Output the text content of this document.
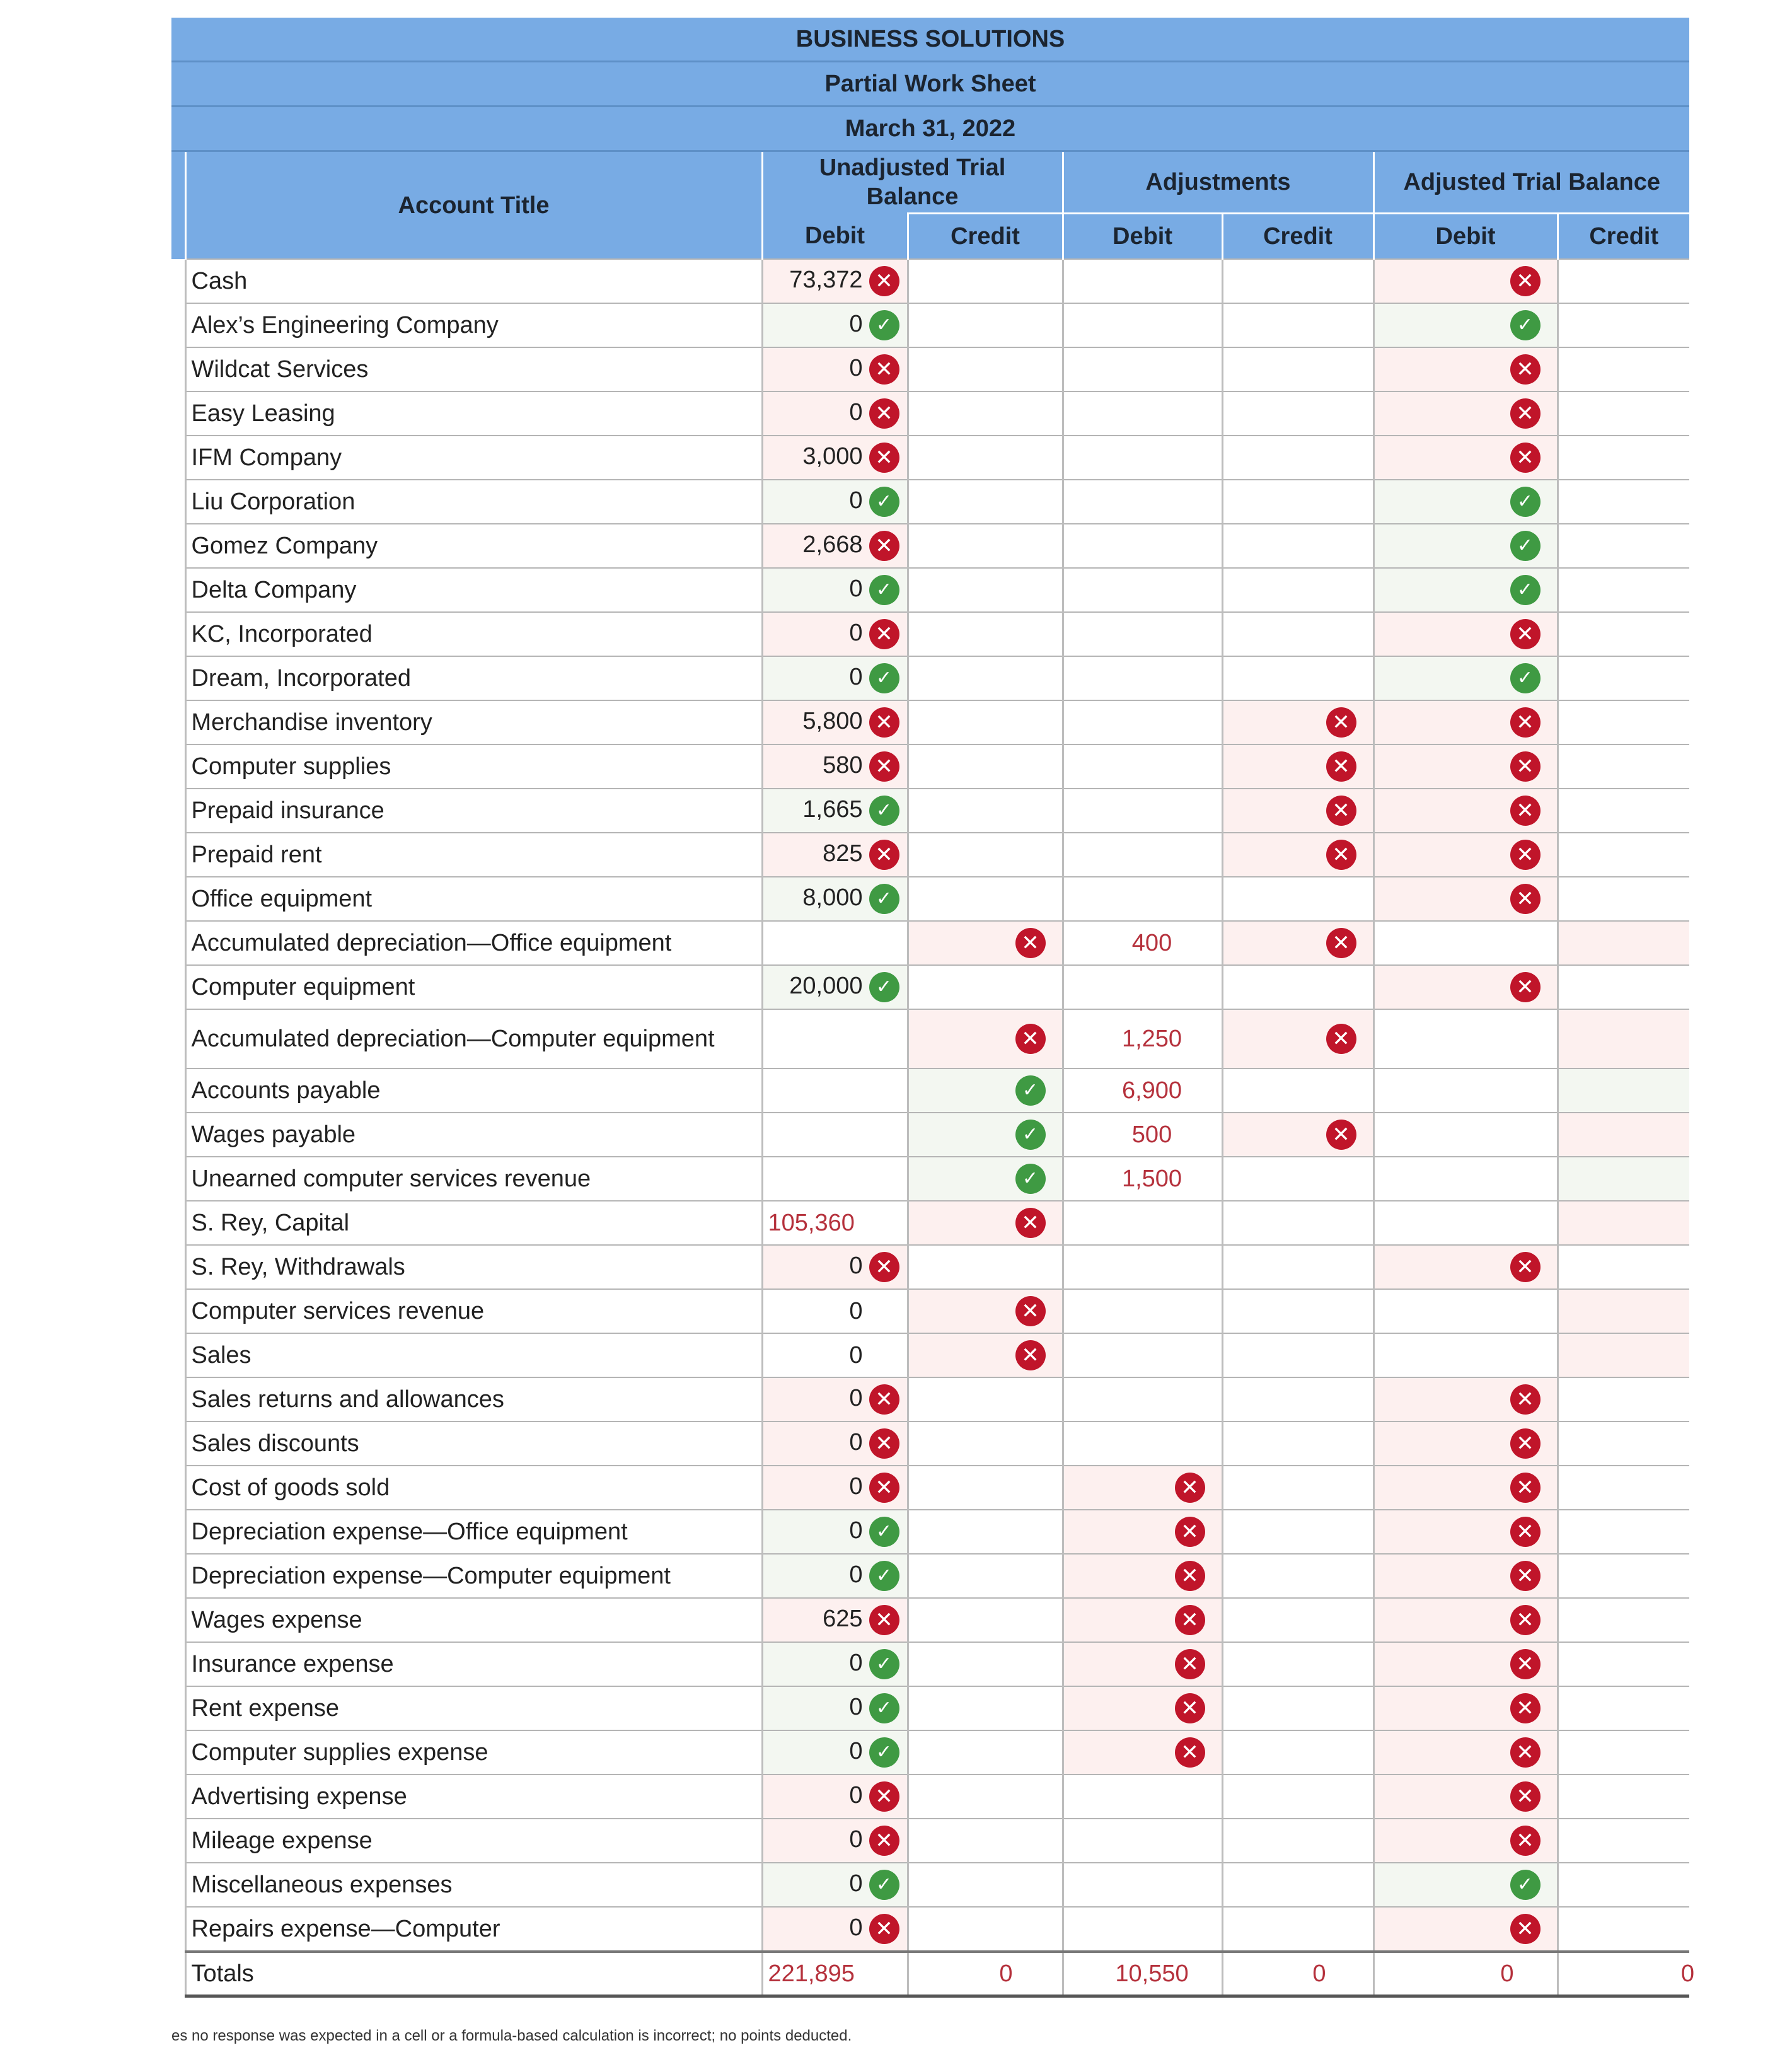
BUSINESS SOLUTIONS							
Partial Work Sheet							
March 31, 2022							
	Account Title	Unadjusted Trial Balance		Adjustments		Adjusted Trial Balance	
		Debit	Credit	Debit	Credit	Debit	Credit
	Cash	73,372 ✕				✕	
	Alex’s Engineering Company	0 ✓				✓	
	Wildcat Services	0 ✕				✕	
	Easy Leasing	0 ✕				✕	
	IFM Company	3,000 ✕				✕	
	Liu Corporation	0 ✓				✓	
	Gomez Company	2,668 ✕				✓	
	Delta Company	0 ✓				✓	
	KC, Incorporated	0 ✕				✕	
	Dream, Incorporated	0 ✓				✓	
	Merchandise inventory	5,800 ✕			✕	✕	
	Computer supplies	580 ✕			✕	✕	
	Prepaid insurance	1,665 ✓			✕	✕	
	Prepaid rent	825 ✕			✕	✕	
	Office equipment	8,000 ✓				✕	
	Accumulated depreciation—Office equipment		✕	400	✕		
	Computer equipment	20,000 ✓				✕	
	Accumulated depreciation—Computer equipment		✕	1,250	✕		
	Accounts payable		✓	6,900			
	Wages payable		✓	500	✕		
	Unearned computer services revenue		✓	1,500			
	S. Rey, Capital	105,360	✕				
	S. Rey, Withdrawals	0 ✕				✕	
	Computer services revenue	0	✕				
	Sales	0	✕				
	Sales returns and allowances	0 ✕				✕	
	Sales discounts	0 ✕				✕	
	Cost of goods sold	0 ✕		✕		✕	
	Depreciation expense—Office equipment	0 ✓		✕		✕	
	Depreciation expense—Computer equipment	0 ✓		✕		✕	
	Wages expense	625 ✕		✕		✕	
	Insurance expense	0 ✓		✕		✕	
	Rent expense	0 ✓		✕		✕	
	Computer supplies expense	0 ✓		✕		✕	
	Advertising expense	0 ✕				✕	
	Mileage expense	0 ✕				✕	
	Miscellaneous expenses	0 ✓				✓	
	Repairs expense—Computer	0 ✕				✕	
	Totals	221,895	0	10,550	0	0	0
es no response was expected in a cell or a formula-based calculation is incorrect; no points deducted.
